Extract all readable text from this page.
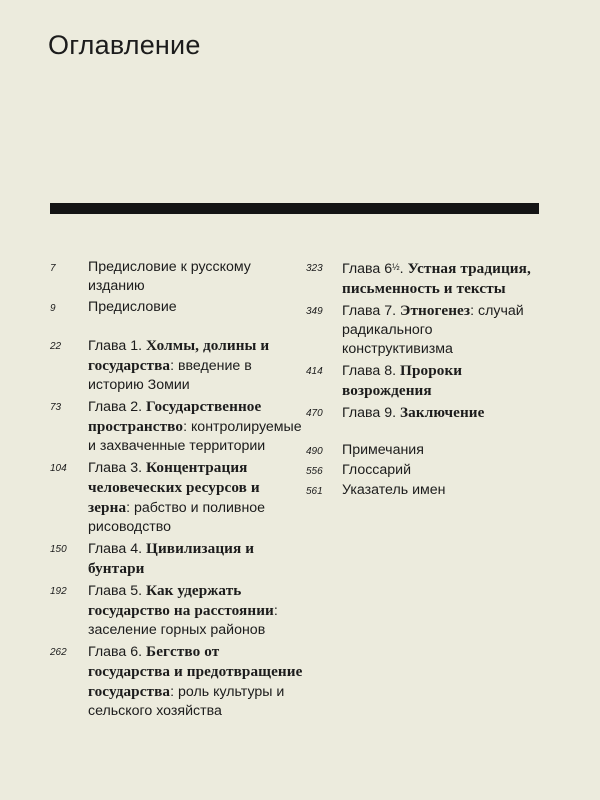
Оглавление
7	Предисловие к русскому изданию
9	Предисловие
22	Глава 1. Холмы, долины и государства: введение в историю Зомии
73	Глава 2. Государственное пространство: контролируемые и захваченные территории
104	Глава 3. Концентрация человеческих ресурсов и зерна: рабство и поливное рисоводство
150	Глава 4. Цивилизация и бунтари
192	Глава 5. Как удержать государство на расстоянии: заселение горных районов
262	Глава 6. Бегство от государства и предотвращение государства: роль культуры и сельского хозяйства
323	Глава $6^{\frac{1}{2}}$. Устная традиция, письменность и тексты
349	Глава 7. Этногенез: случай радикального конструктивизма
414	Глава 8. Пророки возрождения
470	Глава 9. Заключение
490	Примечания
556	Глоссарий
561	Указатель имен
